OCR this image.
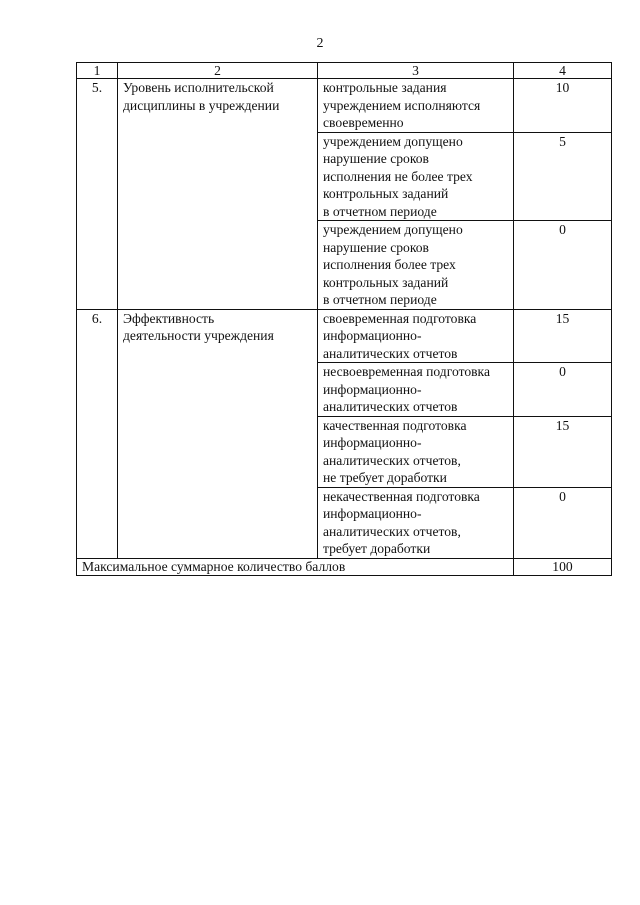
2
1	2	3	4
5.	Уровень исполнительской
дисциплины в учреждении	контрольные задания
учреждением исполняются
своевременно	10

		учреждением допущено
нарушение сроков
исполнения не более трех
контрольных заданий
в отчетном периоде	5

		учреждением допущено
нарушение сроков
исполнения более трех
контрольных заданий
в отчетном периоде	0
6.	Эффективность
деятельности учреждения	своевременная подготовка
информационно-
аналитических отчетов	15

		несвоевременная подготовка
информационно-
аналитических отчетов	0

		качественная подготовка
информационно-
аналитических отчетов,
не требует доработки	15

		некачественная подготовка
информационно-
аналитических отчетов,
требует доработки	0
Максимальное суммарное количество баллов			100
